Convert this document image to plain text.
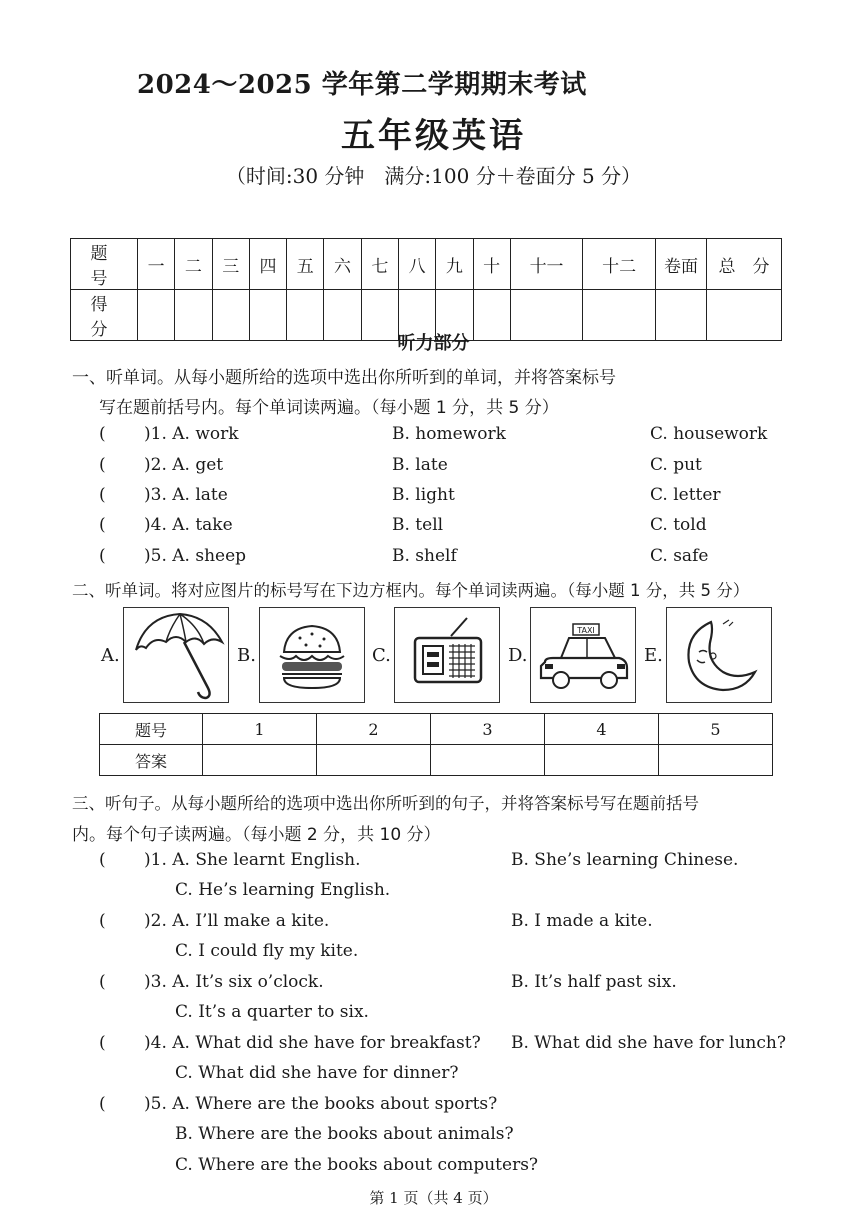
2024～2025 学年第二学期期末考试
五年级英语
（时间:30 分钟　满分:100 分＋卷面分 5 分）
题　号	一	二	三	四	五	六	七	八	九	十	十一	十二	卷面	总　分
得　分														
听力部分
一、听单词。从每小题所给的选项中选出你所听到的单词，并将答案标号
写在题前括号内。每个单词读两遍。（每小题 1 分，共 5 分）
( )1. A. work	B. homework	C. housework
( )2. A. get	B. late	C. put
( )3. A. late	B. light	C. letter
( )4. A. take	B. tell	C. told
( )5. A. sheep	B. shelf	C. safe
二、听单词。将对应图片的标号写在下边方框内。每个单词读两遍。（每小题 1 分，共 5 分）
A.	B.	C.	D.
TAXI
E.
题号	1	2	3	4	5
答案					
三、听句子。从每小题所给的选项中选出你所听到的句子，并将答案标号写在题前括号
内。每个句子读两遍。（每小题 2 分，共 10 分）
( )1. A. She learnt English.	B. She’s learning Chinese.
C. He’s learning English.
( )2. A. I’ll make a kite.	B. I made a kite.
C. I could fly my kite.
( )3. A. It’s six o’clock.	B. It’s half past six.
C. It’s a quarter to six.
( )4. A. What did she have for breakfast? B. What did she have for lunch?
C. What did she have for dinner?
( )5. A. Where are the books about sports?
B. Where are the books about animals?
C. Where are the books about computers?
第 1 页（共 4 页）
